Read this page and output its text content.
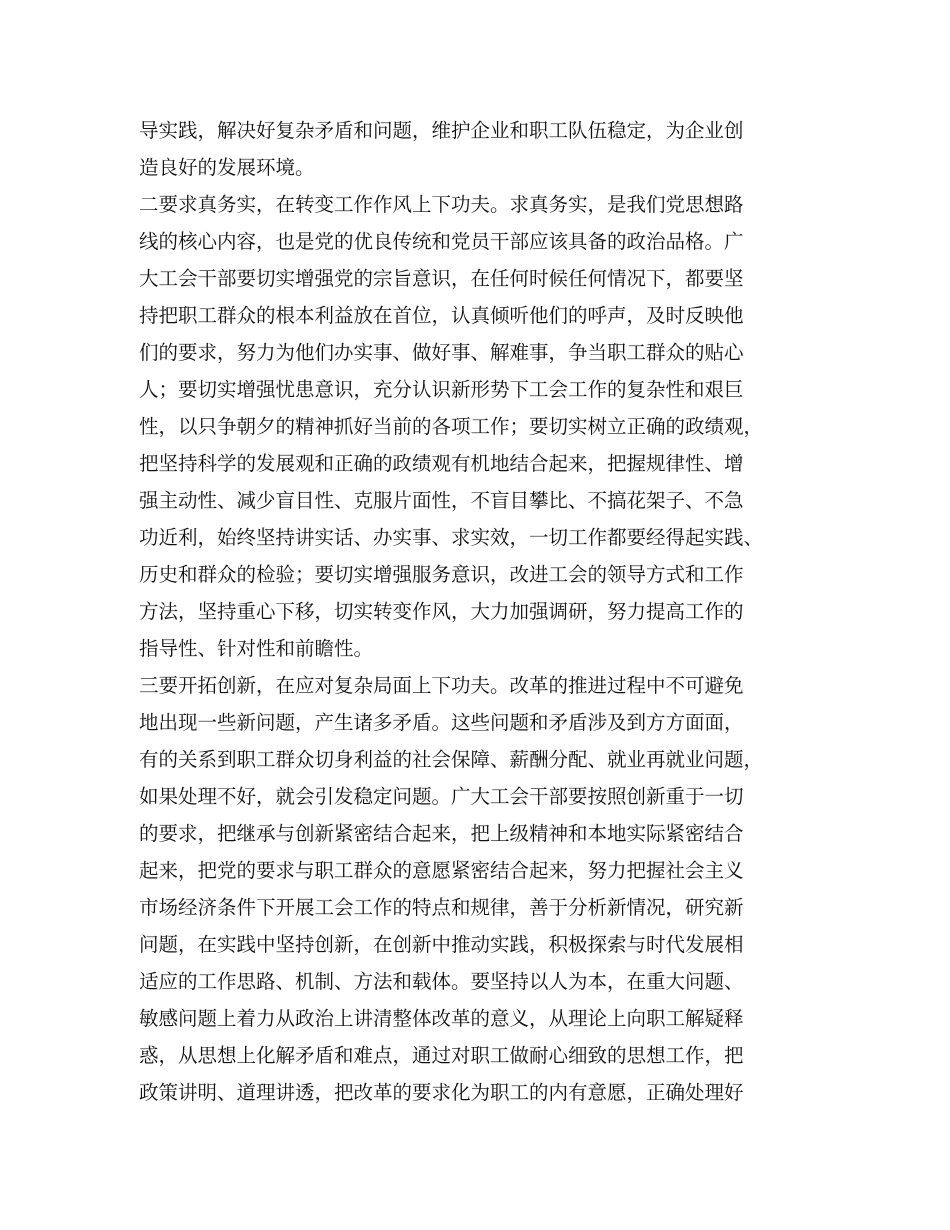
导实践，解决好复杂矛盾和问题，维护企业和职工队伍稳定，为企业创
造良好的发展环境。
二要求真务实，在转变工作作风上下功夫。求真务实，是我们党思想路
线的核心内容，也是党的优良传统和党员干部应该具备的政治品格。广
大工会干部要切实增强党的宗旨意识，在任何时候任何情况下，都要坚
持把职工群众的根本利益放在首位，认真倾听他们的呼声，及时反映他
们的要求，努力为他们办实事、做好事、解难事，争当职工群众的贴心
人；要切实增强忧患意识，充分认识新形势下工会工作的复杂性和艰巨
性，以只争朝夕的精神抓好当前的各项工作；要切实树立正确的政绩观，
把坚持科学的发展观和正确的政绩观有机地结合起来，把握规律性、增
强主动性、减少盲目性、克服片面性，不盲目攀比、不搞花架子、不急
功近利，始终坚持讲实话、办实事、求实效，一切工作都要经得起实践、
历史和群众的检验；要切实增强服务意识，改进工会的领导方式和工作
方法，坚持重心下移，切实转变作风，大力加强调研，努力提高工作的
指导性、针对性和前瞻性。
三要开拓创新，在应对复杂局面上下功夫。改革的推进过程中不可避免
地出现一些新问题，产生诸多矛盾。这些问题和矛盾涉及到方方面面，
有的关系到职工群众切身利益的社会保障、薪酬分配、就业再就业问题，
如果处理不好，就会引发稳定问题。广大工会干部要按照创新重于一切
的要求，把继承与创新紧密结合起来，把上级精神和本地实际紧密结合
起来，把党的要求与职工群众的意愿紧密结合起来，努力把握社会主义
市场经济条件下开展工会工作的特点和规律，善于分析新情况，研究新
问题，在实践中坚持创新，在创新中推动实践，积极探索与时代发展相
适应的工作思路、机制、方法和载体。要坚持以人为本，在重大问题、
敏感问题上着力从政治上讲清整体改革的意义，从理论上向职工解疑释
惑，从思想上化解矛盾和难点，通过对职工做耐心细致的思想工作，把
政策讲明、道理讲透，把改革的要求化为职工的内有意愿，正确处理好
